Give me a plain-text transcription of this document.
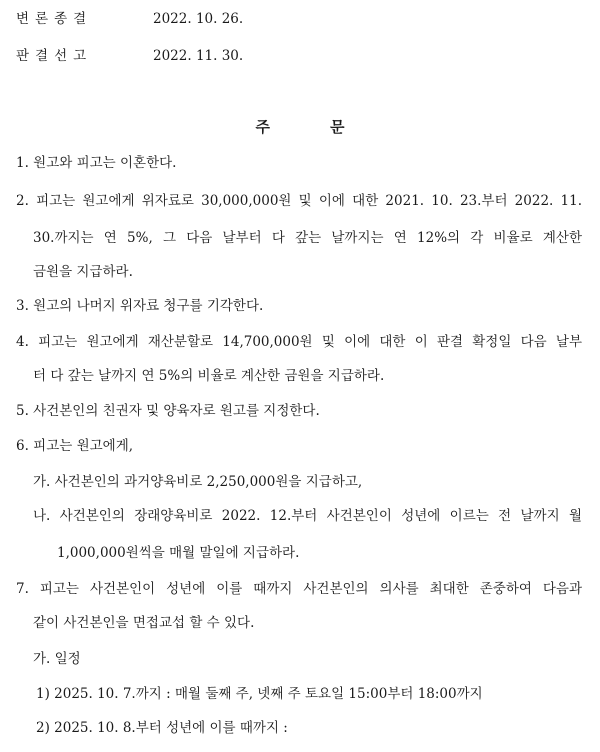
변론종결	2022. 10. 26.
판결선고	2022. 11. 30.
주문
1. 원고와 피고는 이혼한다.
2. 피고는 원고에게 위자료로 30,000,000원 및 이에 대한 2021. 10. 23.부터 2022. 11.
30.까지는 연 5%, 그 다음 날부터 다 갚는 날까지는 연 12%의 각 비율로 계산한
금원을 지급하라.
3. 원고의 나머지 위자료 청구를 기각한다.
4. 피고는 원고에게 재산분할로 14,700,000원 및 이에 대한 이 판결 확정일 다음 날부
터 다 갚는 날까지 연 5%의 비율로 계산한 금원을 지급하라.
5. 사건본인의 친권자 및 양육자로 원고를 지정한다.
6. 피고는 원고에게,
가. 사건본인의 과거양육비로 2,250,000원을 지급하고,
나. 사건본인의 장래양육비로 2022. 12.부터 사건본인이 성년에 이르는 전 날까지 월
1,000,000원씩을 매월 말일에 지급하라.
7. 피고는 사건본인이 성년에 이를 때까지 사건본인의 의사를 최대한 존중하여 다음과
같이 사건본인을 면접교섭 할 수 있다.
가. 일정
1) 2025. 10. 7.까지 : 매월 둘째 주, 넷째 주 토요일 15:00부터 18:00까지
2) 2025. 10. 8.부터 성년에 이를 때까지 :
